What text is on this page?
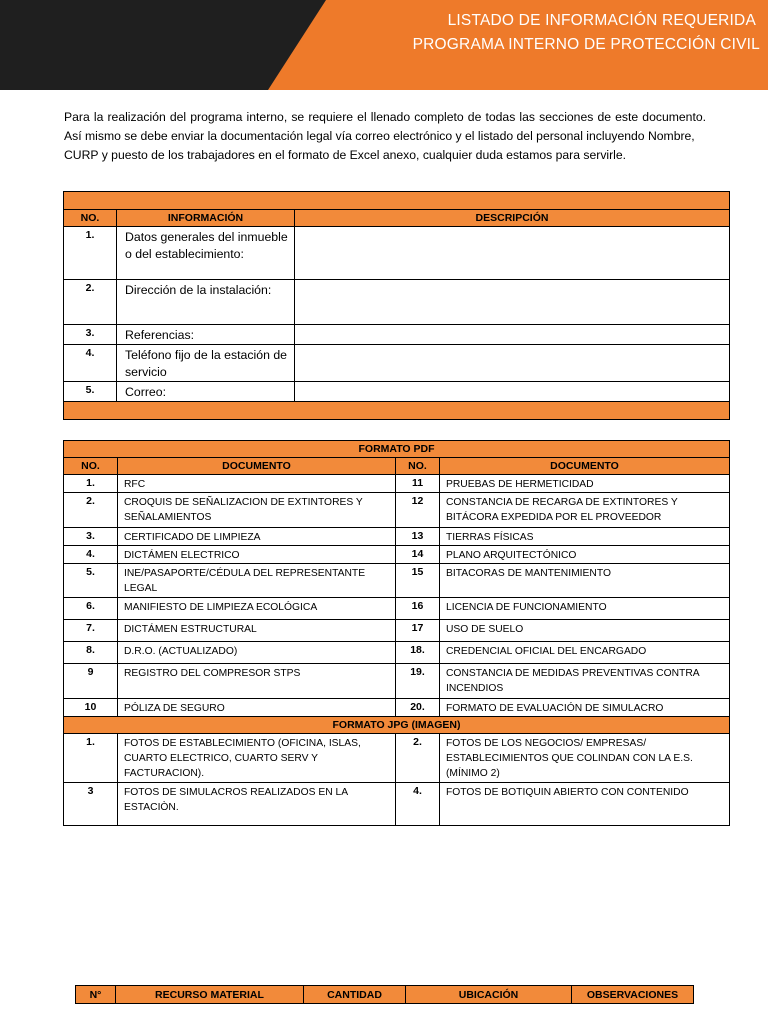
LISTADO DE INFORMACIÓN REQUERIDA
PROGRAMA INTERNO DE PROTECCIÓN CIVIL

Para la realización del programa interno, se requiere el llenado completo de todas las secciones de este documento. Así mismo se debe enviar la documentación legal vía correo electrónico y el listado del personal incluyendo Nombre,

CURP y puesto de los trabajadores en el formato de Excel anexo, cualquier duda estamos para servirle.

NO.	INFORMACIÓN	DESCRIPCIÓN
1.	Datos generales del inmueble o del establecimiento:	
2.	Dirección de la instalación:	
3.	Referencias:	
4.	Teléfono fijo de la estación de servicio	
5.	Correo:	

FORMATO PDF			
NO.	DOCUMENTO	NO.	DOCUMENTO
1.	RFC	11	PRUEBAS DE HERMETICIDAD
2.	CROQUIS DE SEÑALIZACION DE EXTINTORES Y SEÑALAMIENTOS	12	CONSTANCIA DE RECARGA DE EXTINTORES Y BITÁCORA EXPEDIDA POR EL PROVEEDOR
3.	CERTIFICADO DE LIMPIEZA	13	TIERRAS FÍSICAS
4.	DICTÁMEN ELECTRICO	14	PLANO ARQUITECTÓNICO
5.	INE/PASAPORTE/CÉDULA DEL REPRESENTANTE LEGAL	15	BITACORAS DE MANTENIMIENTO
6.	MANIFIESTO DE LIMPIEZA ECOLÓGICA	16	LICENCIA DE FUNCIONAMIENTO
7.	DICTÁMEN ESTRUCTURAL	17	USO DE SUELO
8.	D.R.O. (ACTUALIZADO)	18.	CREDENCIAL OFICIAL DEL ENCARGADO
9	REGISTRO DEL COMPRESOR STPS	19.	CONSTANCIA DE MEDIDAS PREVENTIVAS CONTRA INCENDIOS
10	PÓLIZA DE SEGURO	20.	FORMATO DE EVALUACIÓN DE SIMULACRO
FORMATO JPG (IMAGEN)			
1.	FOTOS DE ESTABLECIMIENTO (OFICINA, ISLAS, CUARTO ELECTRICO, CUARTO SERV Y FACTURACION).	2.	FOTOS DE LOS NEGOCIOS/ EMPRESAS/ ESTABLECIMIENTOS QUE COLINDAN CON LA E.S. (MÍNIMO 2)
3	FOTOS DE SIMULACROS REALIZADOS EN LA ESTACIÒN.	4.	FOTOS DE BOTIQUIN ABIERTO CON CONTENIDO
N°	RECURSO MATERIAL	CANTIDAD	UBICACIÓN	OBSERVACIONES
